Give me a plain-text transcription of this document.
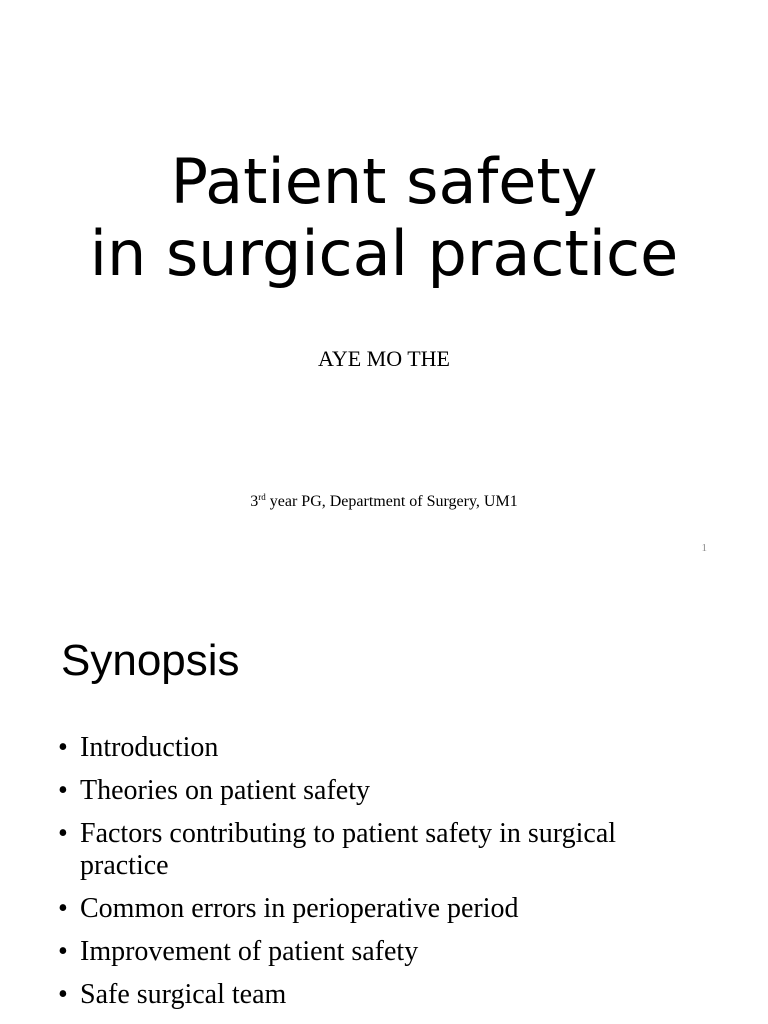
Patient safety
in surgical practice
AYE MO THE
3rd year PG, Department of Surgery, UM1
1
Synopsis
• Introduction
• Theories on patient safety
• Factors contributing to patient safety in surgical practice
• Common errors in perioperative period
• Improvement of patient safety
• Safe surgical team
